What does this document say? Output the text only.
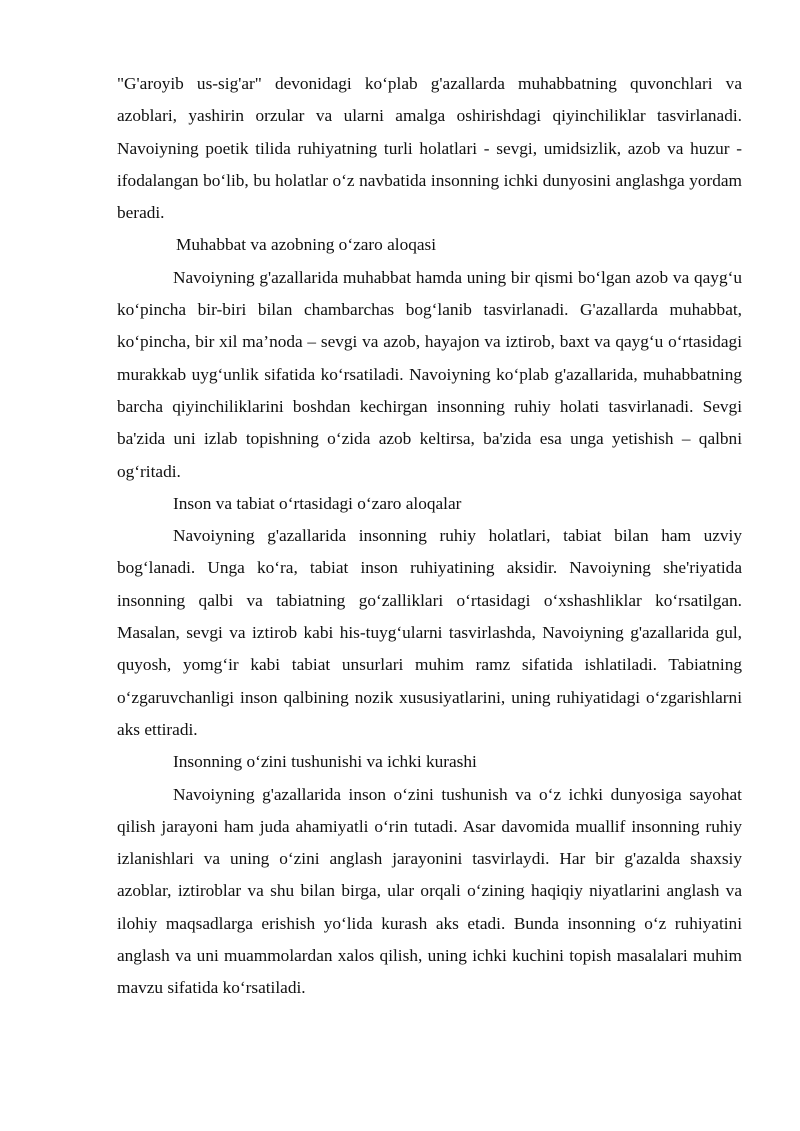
"G'aroyib us-sig'ar" devonidagi ko‘plab g'azallarda muhabbatning quvonchlari va azoblari, yashirin orzular va ularni amalga oshirishdagi qiyinchiliklar tasvirlanadi. Navoiyning poetik tilida ruhiyatning turli holatlari - sevgi, umidsizlik, azob va huzur - ifodalangan bo‘lib, bu holatlar o‘z navbatida insonning ichki dunyosini anglashga yordam beradi.

Muhabbat va azobning o‘zaro aloqasi

Navoiyning g'azallarida muhabbat hamda uning bir qismi bo‘lgan azob va qayg‘u ko‘pincha bir-biri bilan chambarchas bog‘lanib tasvirlanadi. G'azallarda muhabbat, ko‘pincha, bir xil ma’noda – sevgi va azob, hayajon va iztirob, baxt va qayg‘u o‘rtasidagi murakkab uyg‘unlik sifatida ko‘rsatiladi. Navoiyning ko‘plab g'azallarida, muhabbatning barcha qiyinchiliklarini boshdan kechirgan insonning ruhiy holati tasvirlanadi. Sevgi ba'zida uni izlab topishning o‘zida azob keltirsa, ba'zida esa unga yetishish – qalbni og‘ritadi.

Inson va tabiat o‘rtasidagi o‘zaro aloqalar

Navoiyning g'azallarida insonning ruhiy holatlari, tabiat bilan ham uzviy bog‘lanadi. Unga ko‘ra, tabiat inson ruhiyatining aksidir. Navoiyning she'riyatida insonning qalbi va tabiatning go‘zalliklari o‘rtasidagi o‘xshashliklar ko‘rsatilgan. Masalan, sevgi va iztirob kabi his-tuyg‘ularni tasvirlashda, Navoiyning g'azallarida gul, quyosh, yomg‘ir kabi tabiat unsurlari muhim ramz sifatida ishlatiladi. Tabiatning o‘zgaruvchanligi inson qalbining nozik xususiyatlarini, uning ruhiyatidagi o‘zgarishlarni aks ettiradi.

Insonning o‘zini tushunishi va ichki kurashi

Navoiyning g'azallarida inson o‘zini tushunish va o‘z ichki dunyosiga sayohat qilish jarayoni ham juda ahamiyatli o‘rin tutadi. Asar davomida muallif insonning ruhiy izlanishlari va uning o‘zini anglash jarayonini tasvirlaydi. Har bir g'azalda shaxsiy azoblar, iztiroblar va shu bilan birga, ular orqali o‘zining haqiqiy niyatlarini anglash va ilohiy maqsadlarga erishish yo‘lida kurash aks etadi. Bunda insonning o‘z ruhiyatini anglash va uni muammolardan xalos qilish, uning ichki kuchini topish masalalari muhim mavzu sifatida ko‘rsatiladi.
